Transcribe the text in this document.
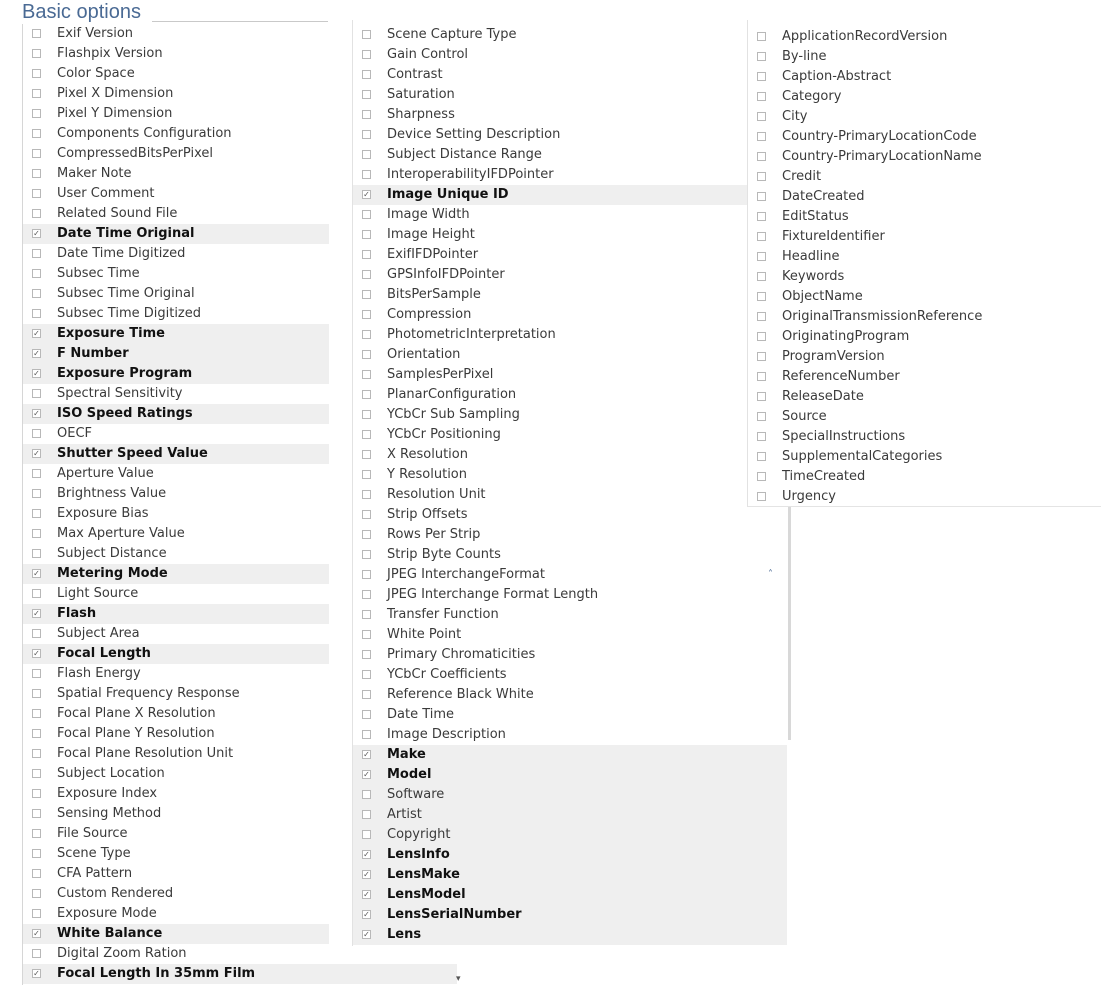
Basic options
Exif Version
Flashpix Version
Color Space
Pixel X Dimension
Pixel Y Dimension
Components Configuration
CompressedBitsPerPixel
Maker Note
User Comment
Related Sound File
✓ Date Time Original
Date Time Digitized
Subsec Time
Subsec Time Original
Subsec Time Digitized
✓ Exposure Time
✓ F Number
✓ Exposure Program
Spectral Sensitivity
✓ ISO Speed Ratings
OECF
✓ Shutter Speed Value
Aperture Value
Brightness Value
Exposure Bias
Max Aperture Value
Subject Distance
✓ Metering Mode
Light Source
✓ Flash
Subject Area
✓ Focal Length
Flash Energy
Spatial Frequency Response
Focal Plane X Resolution
Focal Plane Y Resolution
Focal Plane Resolution Unit
Subject Location
Exposure Index
Sensing Method
File Source
Scene Type
CFA Pattern
Custom Rendered
Exposure Mode
✓ White Balance
Digital Zoom Ration
✓ Focal Length In 35mm Film
Scene Capture Type
Gain Control
Contrast
Saturation
Sharpness
Device Setting Description
Subject Distance Range
InteroperabilityIFDPointer
✓ Image Unique ID
Image Width
Image Height
ExifIFDPointer
GPSInfoIFDPointer
BitsPerSample
Compression
PhotometricInterpretation
Orientation
SamplesPerPixel
PlanarConfiguration
YCbCr Sub Sampling
YCbCr Positioning
X Resolution
Y Resolution
Resolution Unit
Strip Offsets
Rows Per Strip
Strip Byte Counts
JPEG InterchangeFormat	˄
JPEG Interchange Format Length
Transfer Function
White Point
Primary Chromaticities
YCbCr Coefficients
Reference Black White
Date Time
Image Description
✓ Make
✓ Model
Software
Artist
Copyright
✓ LensInfo
✓ LensMake
✓ LensModel
✓ LensSerialNumber
✓ Lens
ApplicationRecordVersion
By-line
Caption-Abstract
Category
City
Country-PrimaryLocationCode
Country-PrimaryLocationName
Credit
DateCreated
EditStatus
FixtureIdentifier
Headline
Keywords
ObjectName
OriginalTransmissionReference
OriginatingProgram
ProgramVersion
ReferenceNumber
ReleaseDate
Source
SpecialInstructions
SupplementalCategories
TimeCreated
Urgency
▾
